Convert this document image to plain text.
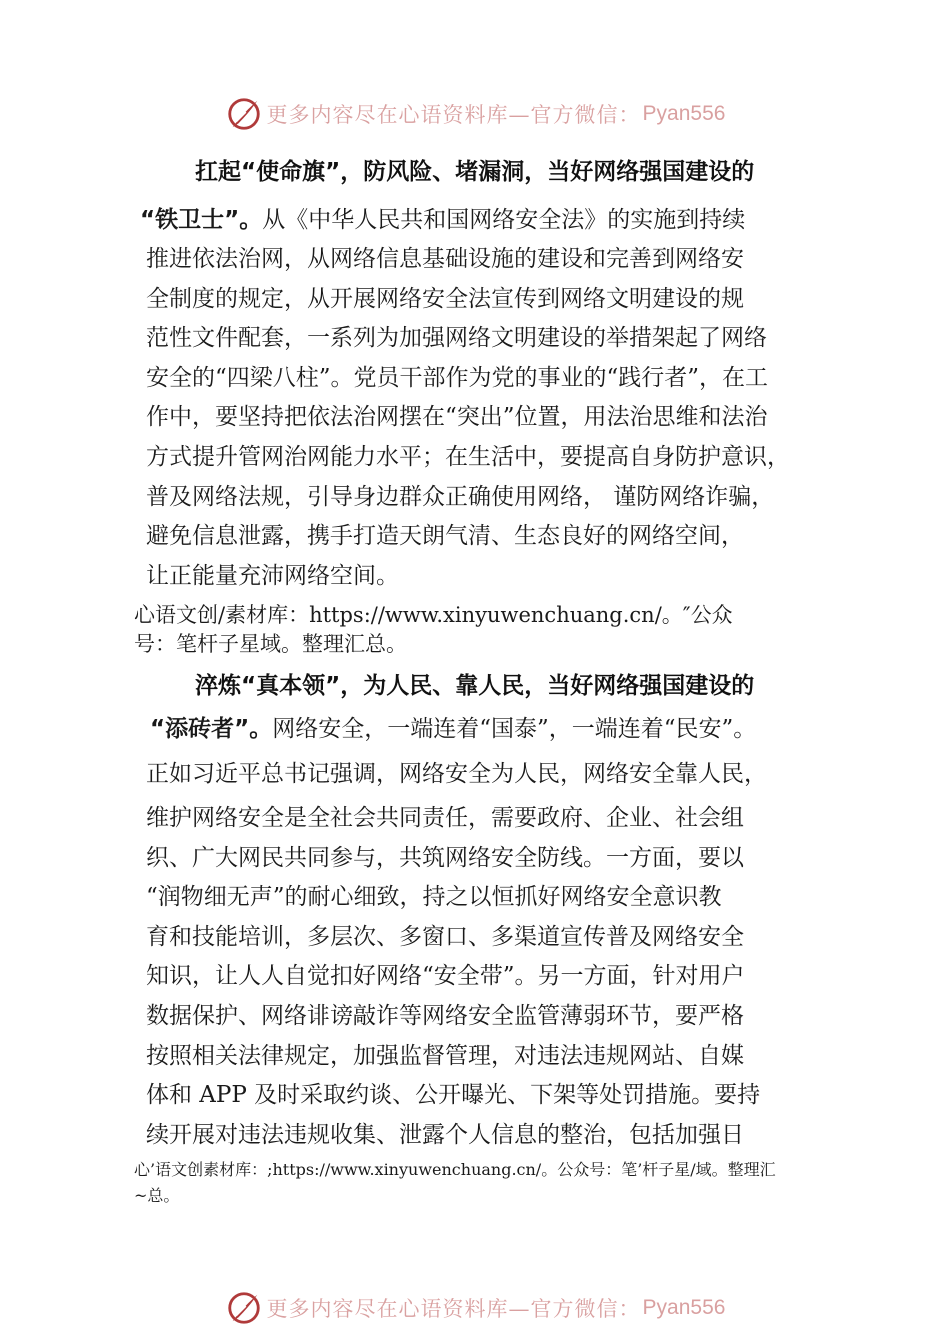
更多内容尽在心语资料库—官方微信： Pyan556
扛起“使命旗”，防风险、堵漏洞，当好网络强国建设的
“铁卫士”。从《中华人民共和国网络安全法》的实施到持续
推进依法治网，从网络信息基础设施的建设和完善到网络安
全制度的规定，从开展网络安全法宣传到网络文明建设的规
范性文件配套，一系列为加强网络文明建设的举措架起了网络
安全的“四梁八柱”。党员干部作为党的事业的“践行者”，在工
作中，要坚持把依法治网摆在“突出”位置，用法治思维和法治
方式提升管网治网能力水平；在生活中，要提高自身防护意识，
普及网络法规，引导身边群众正确使用网络， 谨防网络诈骗，
避免信息泄露，携手打造天朗气清、生态良好的网络空间，
让正能量充沛网络空间。
心语文创/素材库：https://www.xinyuwenchuang.cn/。″公众
号：笔杆子星域。整理汇总。
淬炼“真本领”，为人民、靠人民，当好网络强国建设的
“添砖者”。网络安全，一端连着“国泰”，一端连着“民安”。
正如习近平总书记强调，网络安全为人民，网络安全靠人民，
维护网络安全是全社会共同责任，需要政府、企业、社会组
织、广大网民共同参与，共筑网络安全防线。一方面，要以
“润物细无声”的耐心细致，持之以恒抓好网络安全意识教
育和技能培训，多层次、多窗口、多渠道宣传普及网络安全
知识，让人人自觉扣好网络“安全带”。另一方面，针对用户
数据保护、网络诽谤敲诈等网络安全监管薄弱环节，要严格
按照相关法律规定，加强监督管理，对违法违规网站、自媒
体和 APP 及时采取约谈、公开曝光、下架等处罚措施。要持
续开展对违法违规收集、泄露个人信息的整治，包括加强日
心’语文创素材库：;https://www.xinyuwenchuang.cn/。公众号：笔’杆子星/域。整理汇
~总。
更多内容尽在心语资料库—官方微信： Pyan556
